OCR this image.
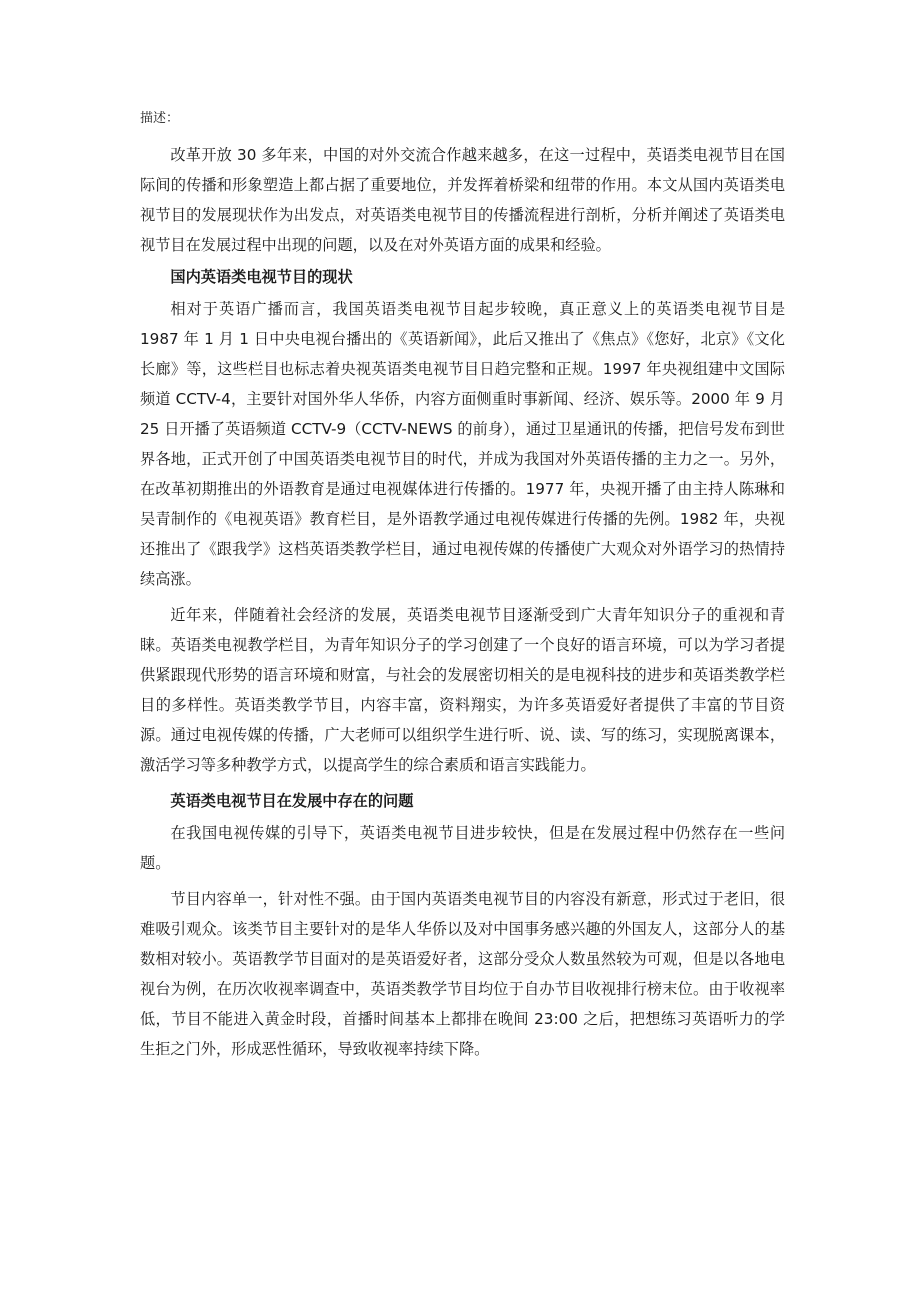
描述：

改革开放 30 多年来，中国的对外交流合作越来越多，在这一过程中，英语类电视节目在国际间的传播和形象塑造上都占据了重要地位，并发挥着桥梁和纽带的作用。本文从国内英语类电视节目的发展现状作为出发点，对英语类电视节目的传播流程进行剖析，分析并阐述了英语类电视节目在发展过程中出现的问题，以及在对外英语方面的成果和经验。

国内英语类电视节目的现状

相对于英语广播而言，我国英语类电视节目起步较晚，真正意义上的英语类电视节目是 1987 年 1 月 1 日中央电视台播出的《英语新闻》，此后又推出了《焦点》《您好，北京》《文化长廊》等，这些栏目也标志着央视英语类电视节目日趋完整和正规。1997 年央视组建中文国际频道 CCTV-4，主要针对国外华人华侨，内容方面侧重时事新闻、经济、娱乐等。2000 年 9 月 25 日开播了英语频道 CCTV-9（CCTV-NEWS 的前身），通过卫星通讯的传播，把信号发布到世界各地，正式开创了中国英语类电视节目的时代，并成为我国对外英语传播的主力之一。另外，在改革初期推出的外语教育是通过电视媒体进行传播的。1977 年，央视开播了由主持人陈琳和吴青制作的《电视英语》教育栏目，是外语教学通过电视传媒进行传播的先例。1982 年，央视还推出了《跟我学》这档英语类教学栏目，通过电视传媒的传播使广大观众对外语学习的热情持续高涨。

近年来，伴随着社会经济的发展，英语类电视节目逐渐受到广大青年知识分子的重视和青睐。英语类电视教学栏目，为青年知识分子的学习创建了一个良好的语言环境，可以为学习者提供紧跟现代形势的语言环境和财富，与社会的发展密切相关的是电视科技的进步和英语类教学栏目的多样性。英语类教学节目，内容丰富，资料翔实，为许多英语爱好者提供了丰富的节目资源。通过电视传媒的传播，广大老师可以组织学生进行听、说、读、写的练习，实现脱离课本，激活学习等多种教学方式，以提高学生的综合素质和语言实践能力。

英语类电视节目在发展中存在的问题

在我国电视传媒的引导下，英语类电视节目进步较快，但是在发展过程中仍然存在一些问题。

节目内容单一，针对性不强。由于国内英语类电视节目的内容没有新意，形式过于老旧，很难吸引观众。该类节目主要针对的是华人华侨以及对中国事务感兴趣的外国友人，这部分人的基数相对较小。英语教学节目面对的是英语爱好者，这部分受众人数虽然较为可观，但是以各地电视台为例，在历次收视率调查中，英语类教学节目均位于自办节目收视排行榜末位。由于收视率低，节目不能进入黄金时段，首播时间基本上都排在晚间 23:00 之后，把想练习英语听力的学生拒之门外，形成恶性循环，导致收视率持续下降。
